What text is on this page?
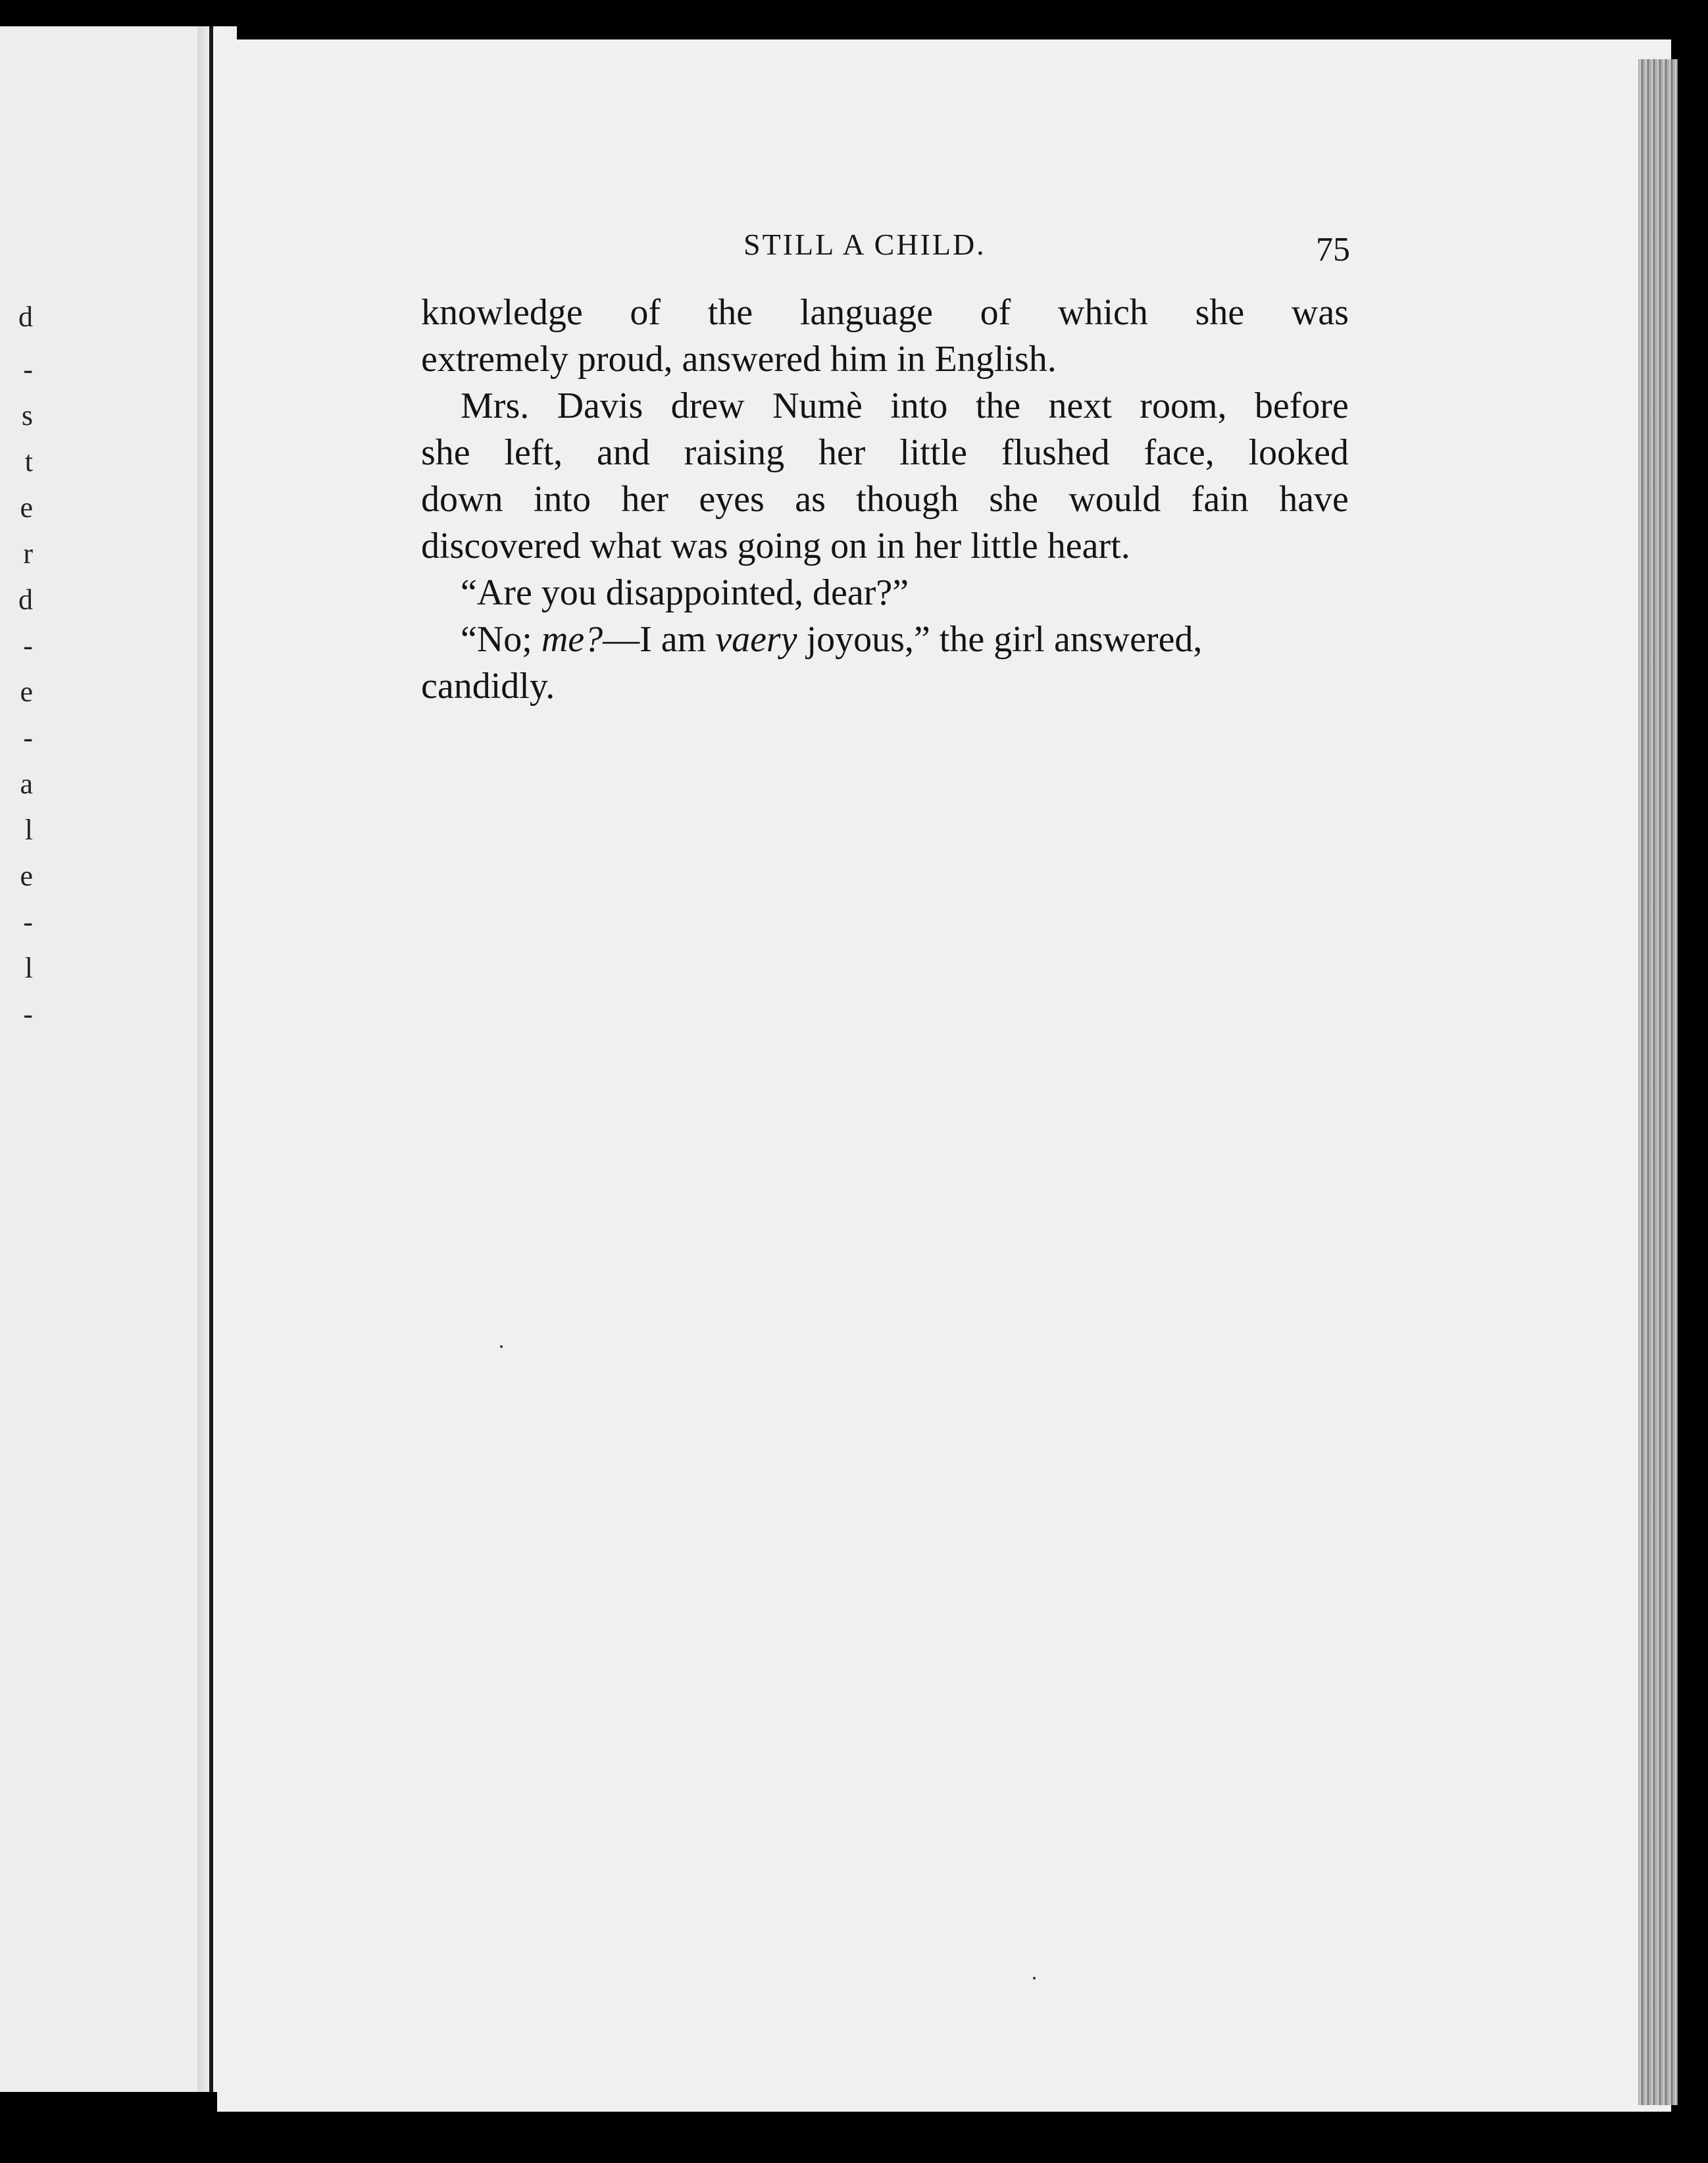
d
-
s
t
e
r
d
-
e
-
a
l
e
-
l
-
STILL A CHILD.	75
knowledge of the language of which she was
extremely proud, answered him in English.
Mrs. Davis drew Numè into the next room, before
she left, and raising her little flushed face, looked
down into her eyes as though she would fain have
discovered what was going on in her little heart.
“Are you disappointed, dear?”
“No; me?—I am vaery joyous,” the girl answered,
candidly.
